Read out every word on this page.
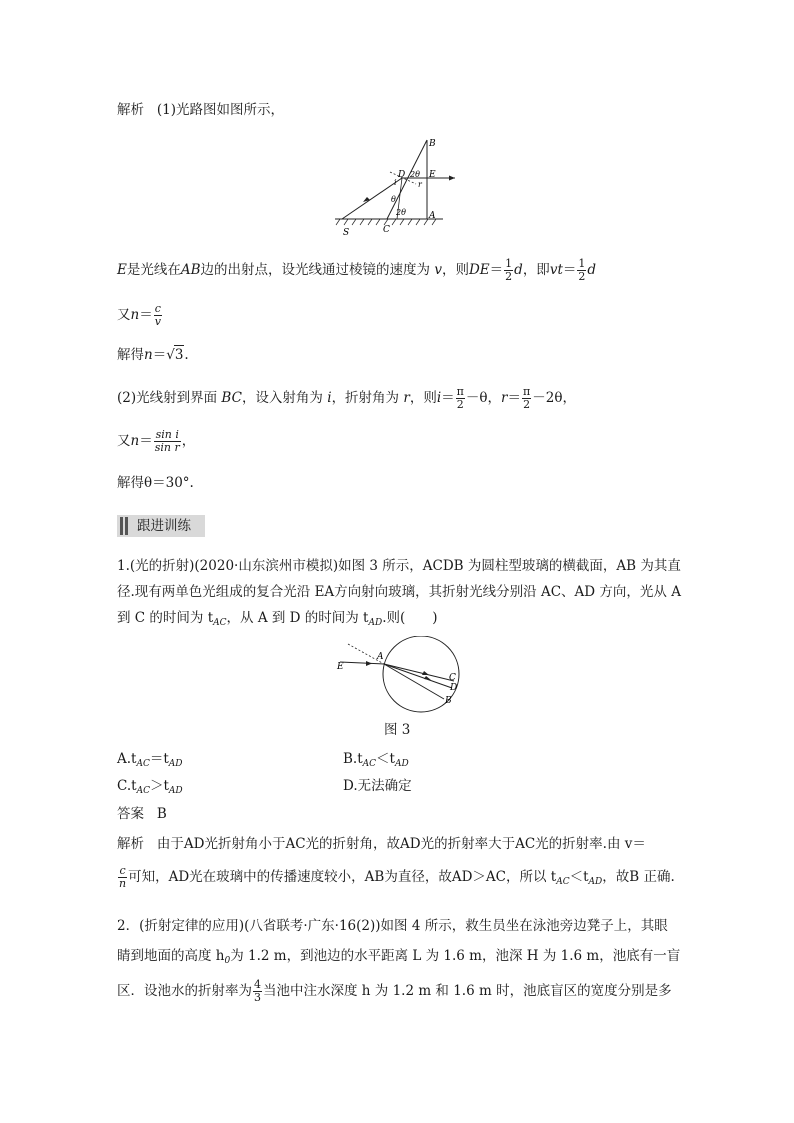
解析 (1)光路图如图所示，
B
D	E
A
C
S
2θ
2θ
θ
i	r
E是光线在AB边的出射点，设光线通过棱镜的速度为 v，则$DE= \frac{1}{2}$ d，即$vt= \frac{1}{2}$ d
又$n= \frac{c}{v}$
解得n＝√3.
(2)光线射到界面 BC，设入射角为 i，折射角为 r，则$i= \frac{\pi}{2} -\theta$，$r= \frac{\pi}{2} -2\theta$，
又$n= \frac{\text{sin i}}{\text{sin r}}$ ，
解得θ＝30°.
跟进训练
1.(光的折射)(2020·山东滨州市模拟)如图 3 所示，ACDB 为圆柱型玻璃的横截面，AB 为其直
径.现有两单色光组成的复合光沿 EA方向射向玻璃，其折射光线分别沿 AC、AD 方向，光从 A
到 C 的时间为 $t_{AC}$，从 A 到 D 的时间为 $t_{AD}$.则(　　)
E
A
C
D
B
图 3
$A.t_{AC}=t_{AD}$	$B.t_{AC}<t_{AD}$
$C.t_{AC}>t_{AD}$	D.无法确定
答案 B
解析 由于AD光折射角小于AC光的折射角，故AD光的折射率大于AC光的折射率.由 v＝
$\frac{c}{n}$ 可知，AD光在玻璃中的传播速度较小，AB为直径，故AD＞AC，所以 $t_{AC}<t_{AD}$，故B 正确.
2．(折射定律的应用)(八省联考·广东·16(2))如图 4 所示，救生员坐在泳池旁边凳子上，其眼
睛到地面的高度 $h_0$为 1.2 m，到池边的水平距离 L 为 1.6 m，池深 H 为 1.6 m，池底有一盲
区．设池水的折射率为 $\frac{4}{3}$ 当池中注水深度 h 为 1.2 m 和 1.6 m 时，池底盲区的宽度分别是多
